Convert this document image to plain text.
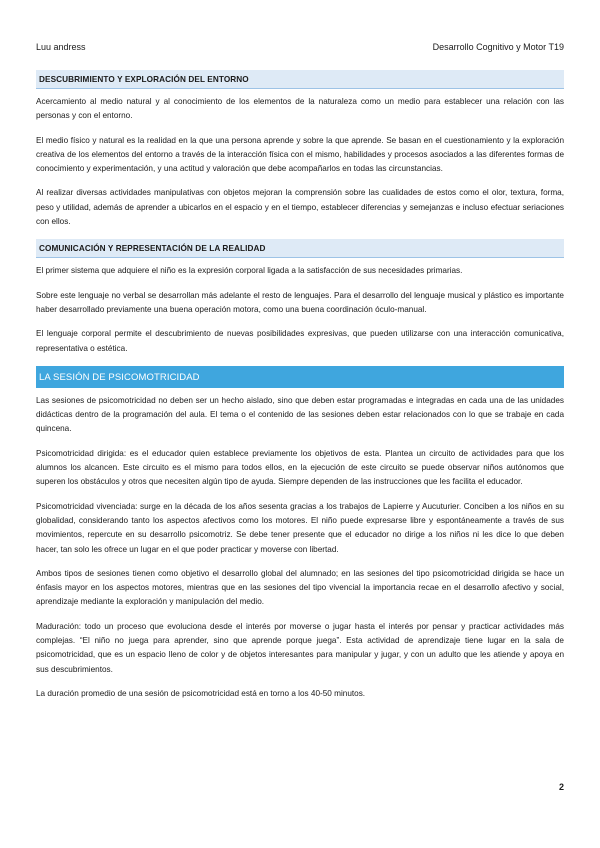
Luu andress	Desarrollo Cognitivo y Motor T19
DESCUBRIMIENTO Y EXPLORACIÓN DEL ENTORNO

Acercamiento al medio natural y al conocimiento de los elementos de la naturaleza como un medio para establecer una relación con las personas y con el entorno.

El medio físico y natural es la realidad en la que una persona aprende y sobre la que aprende. Se basan en el cuestionamiento y la exploración creativa de los elementos del entorno a través de la interacción física con el mismo, habilidades y procesos asociados a las diferentes formas de conocimiento y experimentación, y una actitud y valoración que debe acompañarlos en todas las circunstancias.

Al realizar diversas actividades manipulativas con objetos mejoran la comprensión sobre las cualidades de estos como el olor, textura, forma, peso y utilidad, además de aprender a ubicarlos en el espacio y en el tiempo, establecer diferencias y semejanzas e incluso efectuar seriaciones con ellos.

COMUNICACIÓN Y REPRESENTACIÓN DE LA REALIDAD

El primer sistema que adquiere el niño es la expresión corporal ligada a la satisfacción de sus necesidades primarias.

Sobre este lenguaje no verbal se desarrollan más adelante el resto de lenguajes. Para el desarrollo del lenguaje musical y plástico es importante haber desarrollado previamente una buena operación motora, como una buena coordinación óculo-manual.

El lenguaje corporal permite el descubrimiento de nuevas posibilidades expresivas, que pueden utilizarse con una interacción comunicativa, representativa o estética.

LA SESIÓN DE PSICOMOTRICIDAD

Las sesiones de psicomotricidad no deben ser un hecho aislado, sino que deben estar programadas e integradas en cada una de las unidades didácticas dentro de la programación del aula. El tema o el contenido de las sesiones deben estar relacionados con lo que se trabaje en cada quincena.

Psicomotricidad dirigida: es el educador quien establece previamente los objetivos de esta. Plantea un circuito de actividades para que los alumnos los alcancen. Este circuito es el mismo para todos ellos, en la ejecución de este circuito se puede observar niños autónomos que superen los obstáculos y otros que necesiten algún tipo de ayuda. Siempre dependen de las instrucciones que les facilita el educador.

Psicomotricidad vivenciada: surge en la década de los años sesenta gracias a los trabajos de Lapierre y Aucuturier. Conciben a los niños en su globalidad, considerando tanto los aspectos afectivos como los motores. El niño puede expresarse libre y espontáneamente a través de sus movimientos, repercute en su desarrollo psicomotriz. Se debe tener presente que el educador no dirige a los niños ni les dice lo que deben hacer, tan solo les ofrece un lugar en el que poder practicar y moverse con libertad.

Ambos tipos de sesiones tienen como objetivo el desarrollo global del alumnado; en las sesiones del tipo psicomotricidad dirigida se hace un énfasis mayor en los aspectos motores, mientras que en las sesiones del tipo vivencial la importancia recae en el desarrollo afectivo y social, aprendizaje mediante la exploración y manipulación del medio.

Maduración: todo un proceso que evoluciona desde el interés por moverse o jugar hasta el interés por pensar y practicar actividades más complejas. “El niño no juega para aprender, sino que aprende porque juega”. Esta actividad de aprendizaje tiene lugar en la sala de psicomotricidad, que es un espacio lleno de color y de objetos interesantes para manipular y jugar, y con un adulto que les atiende y apoya en sus descubrimientos.

La duración promedio de una sesión de psicomotricidad está en torno a los 40-50 minutos.

2
